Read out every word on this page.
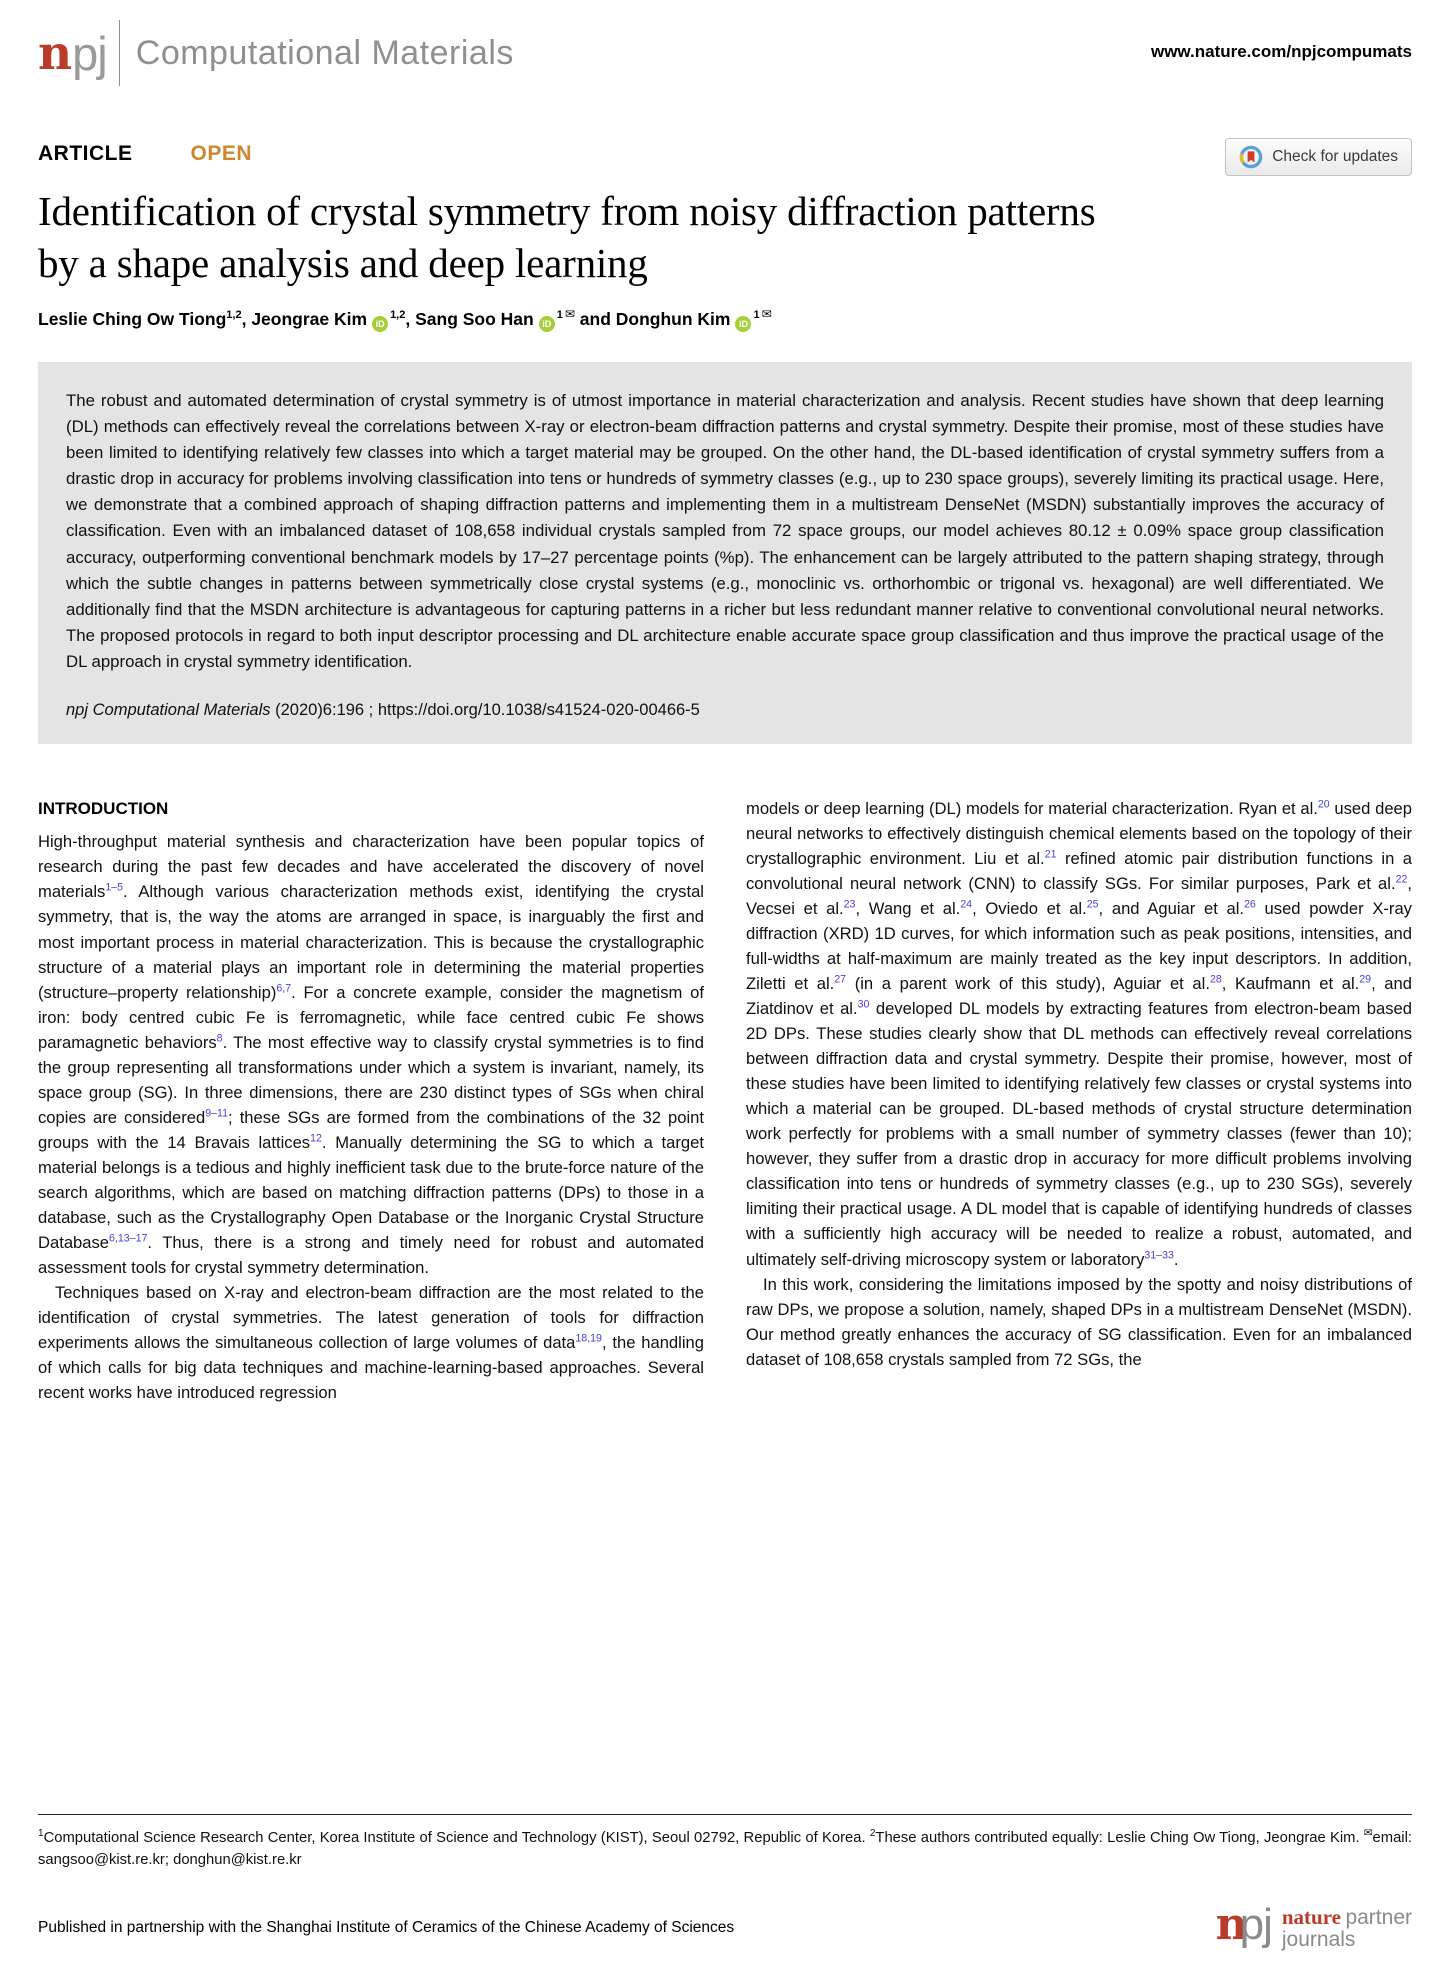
n pj Computational Materials	www.nature.com/npjcompumats
ARTICLE	OPEN	Check for updates
Identification of crystal symmetry from noisy diffraction patterns by a shape analysis and deep learning
Leslie Ching Ow Tiong$^{1,2}$, Jeongrae Kim iD$^{1,2}$, Sang Soo Han $iD^{1 ✉}$ and Donghun Kim $iD^{1 ✉}$

The robust and automated determination of crystal symmetry is of utmost importance in material characterization and analysis. Recent studies have shown that deep learning (DL) methods can effectively reveal the correlations between X-ray or electron-beam diffraction patterns and crystal symmetry. Despite their promise, most of these studies have been limited to identifying relatively few classes into which a target material may be grouped. On the other hand, the DL-based identification of crystal symmetry suffers from a drastic drop in accuracy for problems involving classification into tens or hundreds of symmetry classes (e.g., up to 230 space groups), severely limiting its practical usage. Here, we demonstrate that a combined approach of shaping diffraction patterns and implementing them in a multistream DenseNet (MSDN) substantially improves the accuracy of classification. Even with an imbalanced dataset of 108,658 individual crystals sampled from 72 space groups, our model achieves 80.12 ± 0.09% space group classification accuracy, outperforming conventional benchmark models by 17–27 percentage points (%p). The enhancement can be largely attributed to the pattern shaping strategy, through which the subtle changes in patterns between symmetrically close crystal systems (e.g., monoclinic vs. orthorhombic or trigonal vs. hexagonal) are well differentiated. We additionally find that the MSDN architecture is advantageous for capturing patterns in a richer but less redundant manner relative to conventional convolutional neural networks. The proposed protocols in regard to both input descriptor processing and DL architecture enable accurate space group classification and thus improve the practical usage of the DL approach in crystal symmetry identification.

npj Computational Materials (2020)6:196 ; https://doi.org/10.1038/s41524-020-00466-5

INTRODUCTION

High-throughput material synthesis and characterization have been popular topics of research during the past few decades and have accelerated the discovery of novel materials$^{1-5}$. Although various characterization methods exist, identifying the crystal symmetry, that is, the way the atoms are arranged in space, is inarguably the first and most important process in material characterization. This is because the crystallographic structure of a material plays an important role in determining the material properties (structure–property relationship)$^{6,7}$. For a concrete example, consider the magnetism of iron: body centred cubic Fe is ferromagnetic, while face centred cubic Fe shows paramagnetic behaviors$^8$. The most effective way to classify crystal symmetries is to find the group representing all transformations under which a system is invariant, namely, its space group (SG). In three dimensions, there are 230 distinct types of SGs when chiral copies are considered$^{9-11}$; these SGs are formed from the combinations of the 32 point groups with the 14 Bravais lattices$^{12}$. Manually determining the SG to which a target material belongs is a tedious and highly inefficient task due to the brute-force nature of the search algorithms, which are based on matching diffraction patterns (DPs) to those in a database, such as the Crystallography Open Database or the Inorganic Crystal Structure Database$^{6,13-17}$. Thus, there is a strong and timely need for robust and automated assessment tools for crystal symmetry determination.

Techniques based on X-ray and electron-beam diffraction are the most related to the identification of crystal symmetries. The latest generation of tools for diffraction experiments allows the simultaneous collection of large volumes of data$^{18,19}$, the handling of which calls for big data techniques and machine-learning-based approaches. Several recent works have introduced regression

models or deep learning (DL) models for material characterization. Ryan et al.$^{20}$ used deep neural networks to effectively distinguish chemical elements based on the topology of their crystallographic environment. Liu et al.$^{21}$ refined atomic pair distribution functions in a convolutional neural network (CNN) to classify SGs. For similar purposes, Park et al.$^{22}$, Vecsei et al.$^{23}$, Wang et al.$^{24}$, Oviedo et al.$^{25}$, and Aguiar et al.$^{26}$ used powder X-ray diffraction (XRD) 1D curves, for which information such as peak positions, intensities, and full-widths at half-maximum are mainly treated as the key input descriptors. In addition, Ziletti et al.$^{27}$ (in a parent work of this study), Aguiar et al.$^{28}$, Kaufmann et al.$^{29}$, and Ziatdinov et al.$^{30}$ developed DL models by extracting features from electron-beam based 2D DPs. These studies clearly show that DL methods can effectively reveal correlations between diffraction data and crystal symmetry. Despite their promise, however, most of these studies have been limited to identifying relatively few classes or crystal systems into which a material can be grouped. DL-based methods of crystal structure determination work perfectly for problems with a small number of symmetry classes (fewer than 10); however, they suffer from a drastic drop in accuracy for more difficult problems involving classification into tens or hundreds of symmetry classes (e.g., up to 230 SGs), severely limiting their practical usage. A DL model that is capable of identifying hundreds of classes with a sufficiently high accuracy will be needed to realize a robust, automated, and ultimately self-driving microscopy system or laboratory$^{31-33}$.

In this work, considering the limitations imposed by the spotty and noisy distributions of raw DPs, we propose a solution, namely, shaped DPs in a multistream DenseNet (MSDN). Our method greatly enhances the accuracy of SG classification. Even for an imbalanced dataset of 108,658 crystals sampled from 72 SGs, the

$^1$Computational Science Research Center, Korea Institute of Science and Technology (KIST), Seoul 02792, Republic of Korea. $^2$These authors contributed equally: Leslie Ching Ow Tiong, Jeongrae Kim. ✉email: sangsoo@kist.re.kr; donghun@kist.re.kr

Published in partnership with the Shanghai Institute of Ceramics of the Chinese Academy of Sciences	npj nature partner
journals
